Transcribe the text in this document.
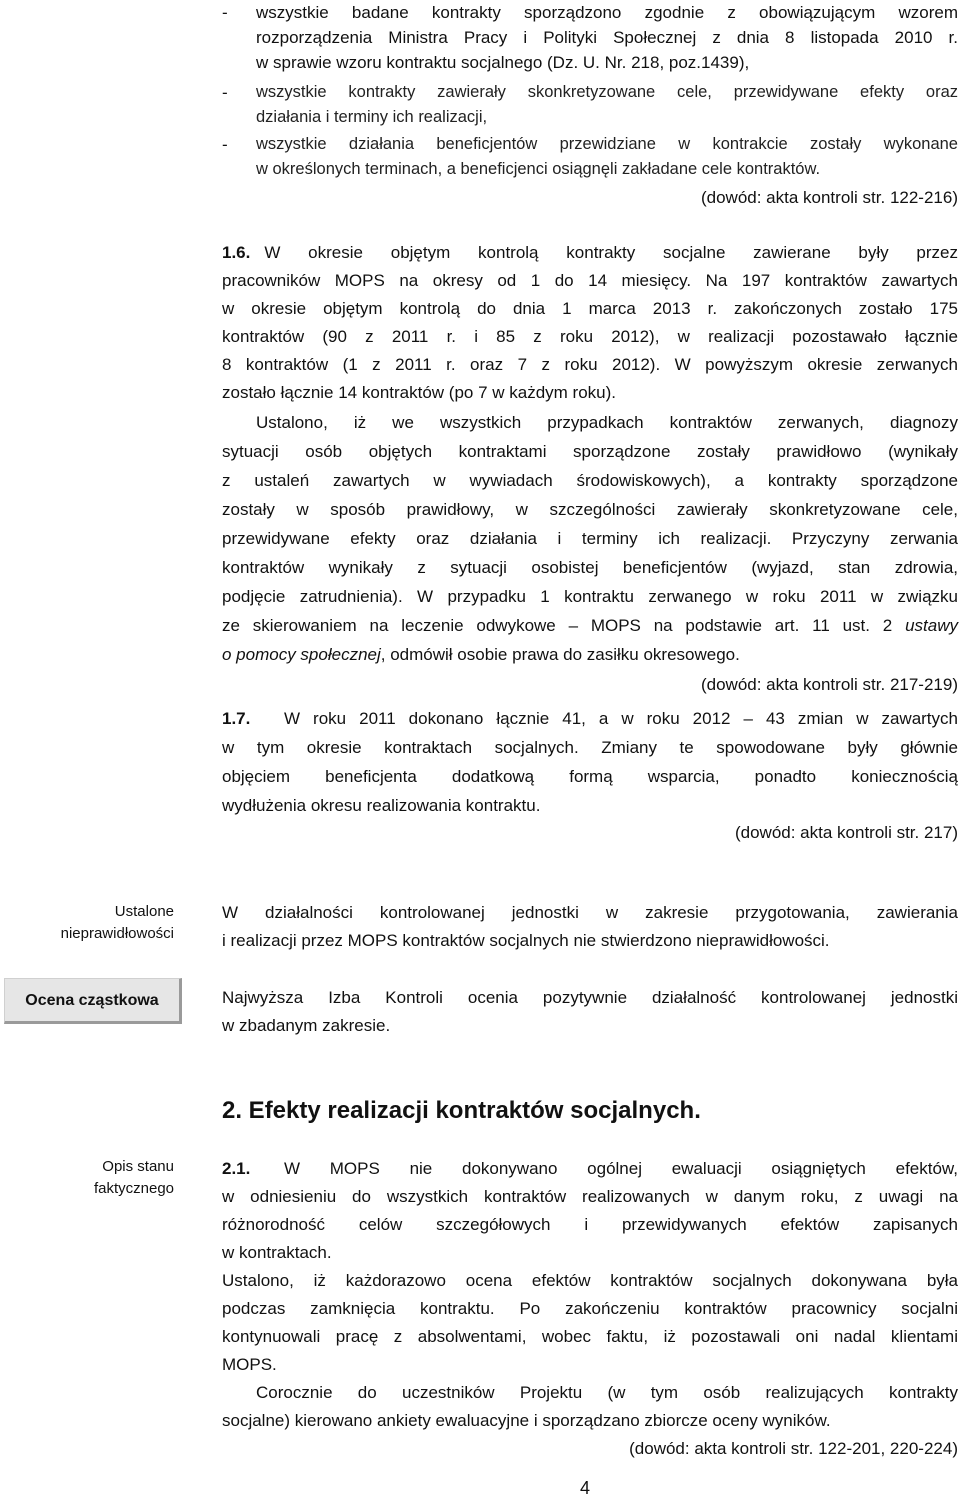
-	wszystkie badane kontrakty sporządzono zgodnie z obowiązującym wzorem
rozporządzenia Ministra Pracy i Polityki Społecznej z dnia 8 listopada 2010 r.
w sprawie wzoru kontraktu socjalnego (Dz. U. Nr. 218, poz.1439),
-	wszystkie kontrakty zawierały skonkretyzowane cele, przewidywane efekty oraz
działania i terminy ich realizacji,
-	wszystkie działania beneficjentów przewidziane w kontrakcie zostały wykonane
w określonych terminach, a beneficjenci osiągnęli zakładane cele kontraktów.
(dowód: akta kontroli str. 122-216)
1.6. W okresie objętym kontrolą kontrakty socjalne zawierane były przez
pracowników MOPS na okresy od 1 do 14 miesięcy. Na 197 kontraktów zawartych
w okresie objętym kontrolą do dnia 1 marca 2013 r. zakończonych zostało 175
kontraktów (90 z 2011 r. i 85 z roku 2012), w realizacji pozostawało łącznie
8 kontraktów (1 z 2011 r. oraz 7 z roku 2012). W powyższym okresie zerwanych
zostało łącznie 14 kontraktów (po 7 w każdym roku).
Ustalono, iż we wszystkich przypadkach kontraktów zerwanych, diagnozy
sytuacji osób objętych kontraktami sporządzone zostały prawidłowo (wynikały
z ustaleń zawartych w wywiadach środowiskowych), a kontrakty sporządzone
zostały w sposób prawidłowy, w szczególności zawierały skonkretyzowane cele,
przewidywane efekty oraz działania i terminy ich realizacji. Przyczyny zerwania
kontraktów wynikały z sytuacji osobistej beneficjentów (wyjazd, stan zdrowia,
podjęcie zatrudnienia). W przypadku 1 kontraktu zerwanego w roku 2011 w związku
ze skierowaniem na leczenie odwykowe – MOPS na podstawie art. 11 ust. 2 ustawy
o pomocy społecznej, odmówił osobie prawa do zasiłku okresowego.
(dowód: akta kontroli str. 217-219)
1.7. W roku 2011 dokonano łącznie 41, a w roku 2012 – 43 zmian w zawartych
w tym okresie kontraktach socjalnych. Zmiany te spowodowane były głównie
objęciem beneficjenta dodatkową formą wsparcia, ponadto koniecznością
wydłużenia okresu realizowania kontraktu.
(dowód: akta kontroli str. 217)
Ustalone
nieprawidłowości
Ocena cząstkowa
Opis stanu
faktycznego
W działalności kontrolowanej jednostki w zakresie przygotowania, zawierania
i realizacji przez MOPS kontraktów socjalnych nie stwierdzono nieprawidłowości.
Najwyższa Izba Kontroli ocenia pozytywnie działalność kontrolowanej jednostki
w zbadanym zakresie.
2. Efekty realizacji kontraktów socjalnych.
2.1. W MOPS nie dokonywano ogólnej ewaluacji osiągniętych efektów,
w odniesieniu do wszystkich kontraktów realizowanych w danym roku, z uwagi na
różnorodność celów szczegółowych i przewidywanych efektów zapisanych
w kontraktach.
Ustalono, iż każdorazowo ocena efektów kontraktów socjalnych dokonywana była
podczas zamknięcia kontraktu. Po zakończeniu kontraktów pracownicy socjalni
kontynuowali pracę z absolwentami, wobec faktu, iż pozostawali oni nadal klientami
MOPS.
Corocznie do uczestników Projektu (w tym osób realizujących kontrakty
socjalne) kierowano ankiety ewaluacyjne i sporządzano zbiorcze oceny wyników.
(dowód: akta kontroli str. 122-201, 220-224)
4
